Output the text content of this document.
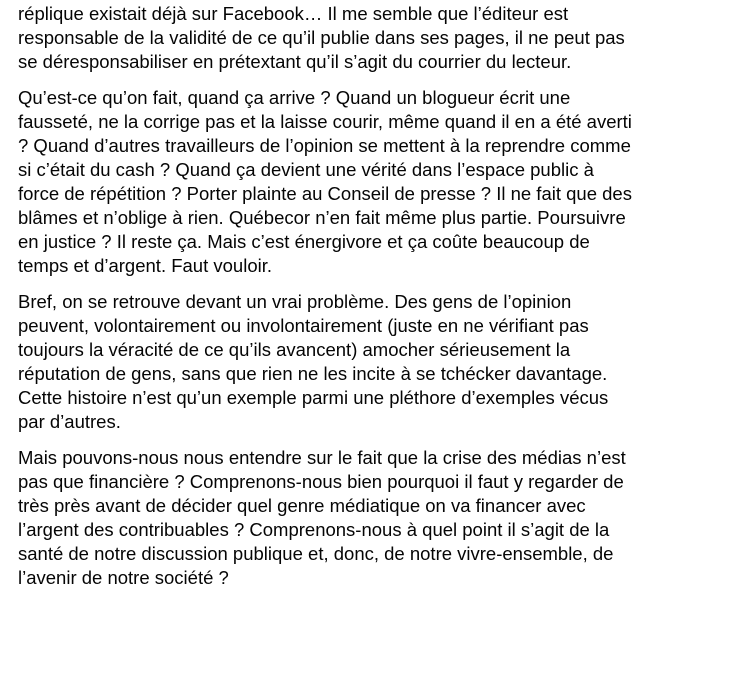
réplique existait déjà sur Facebook… Il me semble que l’éditeur est
responsable de la validité de ce qu’il publie dans ses pages, il ne peut pas
se déresponsabiliser en prétextant qu’il s’agit du courrier du lecteur.

Qu’est-ce qu’on fait, quand ça arrive ? Quand un blogueur écrit une
fausseté, ne la corrige pas et la laisse courir, même quand il en a été averti
? Quand d’autres travailleurs de l’opinion se mettent à la reprendre comme
si c’était du cash ? Quand ça devient une vérité dans l’espace public à
force de répétition ? Porter plainte au Conseil de presse ? Il ne fait que des
blâmes et n’oblige à rien. Québecor n’en fait même plus partie. Poursuivre
en justice ? Il reste ça. Mais c’est énergivore et ça coûte beaucoup de
temps et d’argent. Faut vouloir.

Bref, on se retrouve devant un vrai problème. Des gens de l’opinion
peuvent, volontairement ou involontairement (juste en ne vérifiant pas
toujours la véracité de ce qu’ils avancent) amocher sérieusement la
réputation de gens, sans que rien ne les incite à se tchécker davantage.
Cette histoire n’est qu’un exemple parmi une pléthore d’exemples vécus
par d’autres.

Mais pouvons-nous nous entendre sur le fait que la crise des médias n’est
pas que financière ? Comprenons-nous bien pourquoi il faut y regarder de
très près avant de décider quel genre médiatique on va financer avec
l’argent des contribuables ? Comprenons-nous à quel point il s’agit de la
santé de notre discussion publique et, donc, de notre vivre-ensemble, de
l’avenir de notre société ?
